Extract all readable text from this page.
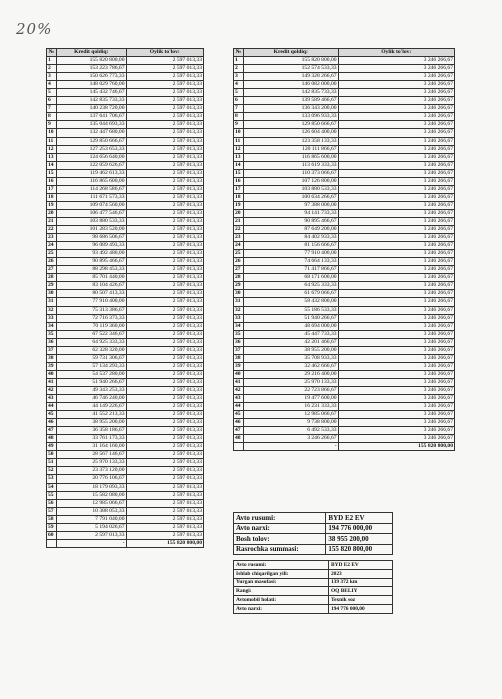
20%
№	Kredit qoldiq:	Oylik to'lov:
1	155 820 800,00	2 597 013,33
2	153 223 786,67	2 597 013,33
3	150 626 773,33	2 597 013,33
4	148 029 760,00	2 597 013,33
5	145 432 746,67	2 597 013,33
6	142 835 733,33	2 597 013,33
7	140 238 720,00	2 597 013,33
8	137 641 706,67	2 597 013,33
9	135 044 693,33	2 597 013,33
10	132 447 680,00	2 597 013,33
11	129 850 666,67	2 597 013,33
12	127 253 653,33	2 597 013,33
13	124 656 640,00	2 597 013,33
14	122 059 626,67	2 597 013,33
15	119 462 613,33	2 597 013,33
16	116 865 600,00	2 597 013,33
17	114 268 586,67	2 597 013,33
18	111 671 573,33	2 597 013,33
19	109 074 560,00	2 597 013,33
20	106 477 546,67	2 597 013,33
21	103 880 533,33	2 597 013,33
22	101 283 520,00	2 597 013,33
23	98 686 506,67	2 597 013,33
24	96 089 493,33	2 597 013,33
25	93 492 480,00	2 597 013,33
26	90 895 466,67	2 597 013,33
27	88 298 453,33	2 597 013,33
28	85 701 440,00	2 597 013,33
29	83 104 426,67	2 597 013,33
30	80 507 413,33	2 597 013,33
31	77 910 400,00	2 597 013,33
32	75 313 386,67	2 597 013,33
33	72 716 373,33	2 597 013,33
34	70 119 360,00	2 597 013,33
35	67 522 346,67	2 597 013,33
36	64 925 333,33	2 597 013,33
37	62 328 320,00	2 597 013,33
38	59 731 306,67	2 597 013,33
39	57 134 293,33	2 597 013,33
40	54 537 280,00	2 597 013,33
41	51 940 266,67	2 597 013,33
42	49 343 253,33	2 597 013,33
43	46 746 240,00	2 597 013,33
44	44 149 226,67	2 597 013,33
45	41 552 213,33	2 597 013,33
46	38 955 200,00	2 597 013,33
47	36 358 186,67	2 597 013,33
48	33 761 173,33	2 597 013,33
49	31 164 160,00	2 597 013,33
50	28 567 146,67	2 597 013,33
51	25 970 133,33	2 597 013,33
52	23 373 120,00	2 597 013,33
53	20 776 106,67	2 597 013,33
54	18 179 093,33	2 597 013,33
55	15 582 080,00	2 597 013,33
56	12 985 066,67	2 597 013,33
57	10 388 053,33	2 597 013,33
58	7 791 040,00	2 597 013,33
59	5 194 026,67	2 597 013,33
60	2 597 013,33	2 597 013,33
	-	155 820 800,00
№	Kredit qoldiq:	Oylik to'lov:
1	155 820 800,00	3 246 266,67
2	152 574 533,33	3 246 266,67
3	149 328 266,67	3 246 266,67
4	146 082 000,00	3 246 266,67
5	142 835 733,33	3 246 266,67
6	139 589 466,67	3 246 266,67
7	136 343 200,00	3 246 266,67
8	133 096 933,33	3 246 266,67
9	129 850 666,67	3 246 266,67
10	126 604 400,00	3 246 266,67
11	123 358 133,33	3 246 266,67
12	120 111 866,67	3 246 266,67
13	116 865 600,00	3 246 266,67
14	113 619 333,33	3 246 266,67
15	110 373 066,67	3 246 266,67
16	107 126 800,00	3 246 266,67
17	103 880 533,33	3 246 266,67
18	100 634 266,67	3 246 266,67
19	97 388 000,00	3 246 266,67
20	94 141 733,33	3 246 266,67
21	90 895 466,67	3 246 266,67
22	87 649 200,00	3 246 266,67
23	84 402 933,33	3 246 266,67
24	81 156 666,67	3 246 266,67
25	77 910 400,00	3 246 266,67
26	74 664 133,33	3 246 266,67
27	71 417 866,67	3 246 266,67
28	68 171 600,00	3 246 266,67
29	64 925 333,33	3 246 266,67
30	61 679 066,67	3 246 266,67
31	58 432 800,00	3 246 266,67
32	55 186 533,33	3 246 266,67
33	51 940 266,67	3 246 266,67
34	48 694 000,00	3 246 266,67
35	45 447 733,33	3 246 266,67
36	42 201 466,67	3 246 266,67
37	38 955 200,00	3 246 266,67
38	35 708 933,33	3 246 266,67
39	32 462 666,67	3 246 266,67
40	29 216 400,00	3 246 266,67
41	25 970 133,33	3 246 266,67
42	22 723 866,67	3 246 266,67
43	19 477 600,00	3 246 266,67
44	16 231 333,33	3 246 266,67
45	12 985 066,67	3 246 266,67
46	9 738 800,00	3 246 266,67
47	6 492 533,33	3 246 266,67
48	3 246 266,67	3 246 266,67
	-	155 820 800,00
Avto rusumi:	BYD E2 EV
Avto narxi:	194 776 000,00
Bosh tolov:	38 955 200,00
Rasrochka summasi:	155 820 800,00
Avto rusumi:	BYD E2 EV
Ishlab chiqarilgan yili:	2023
Yurgan masofasi:	139 372 km
Rangi:	OQ BELIY
Avtomobil holati:	Texnik soz
Avto narxi:	194 776 000,00
